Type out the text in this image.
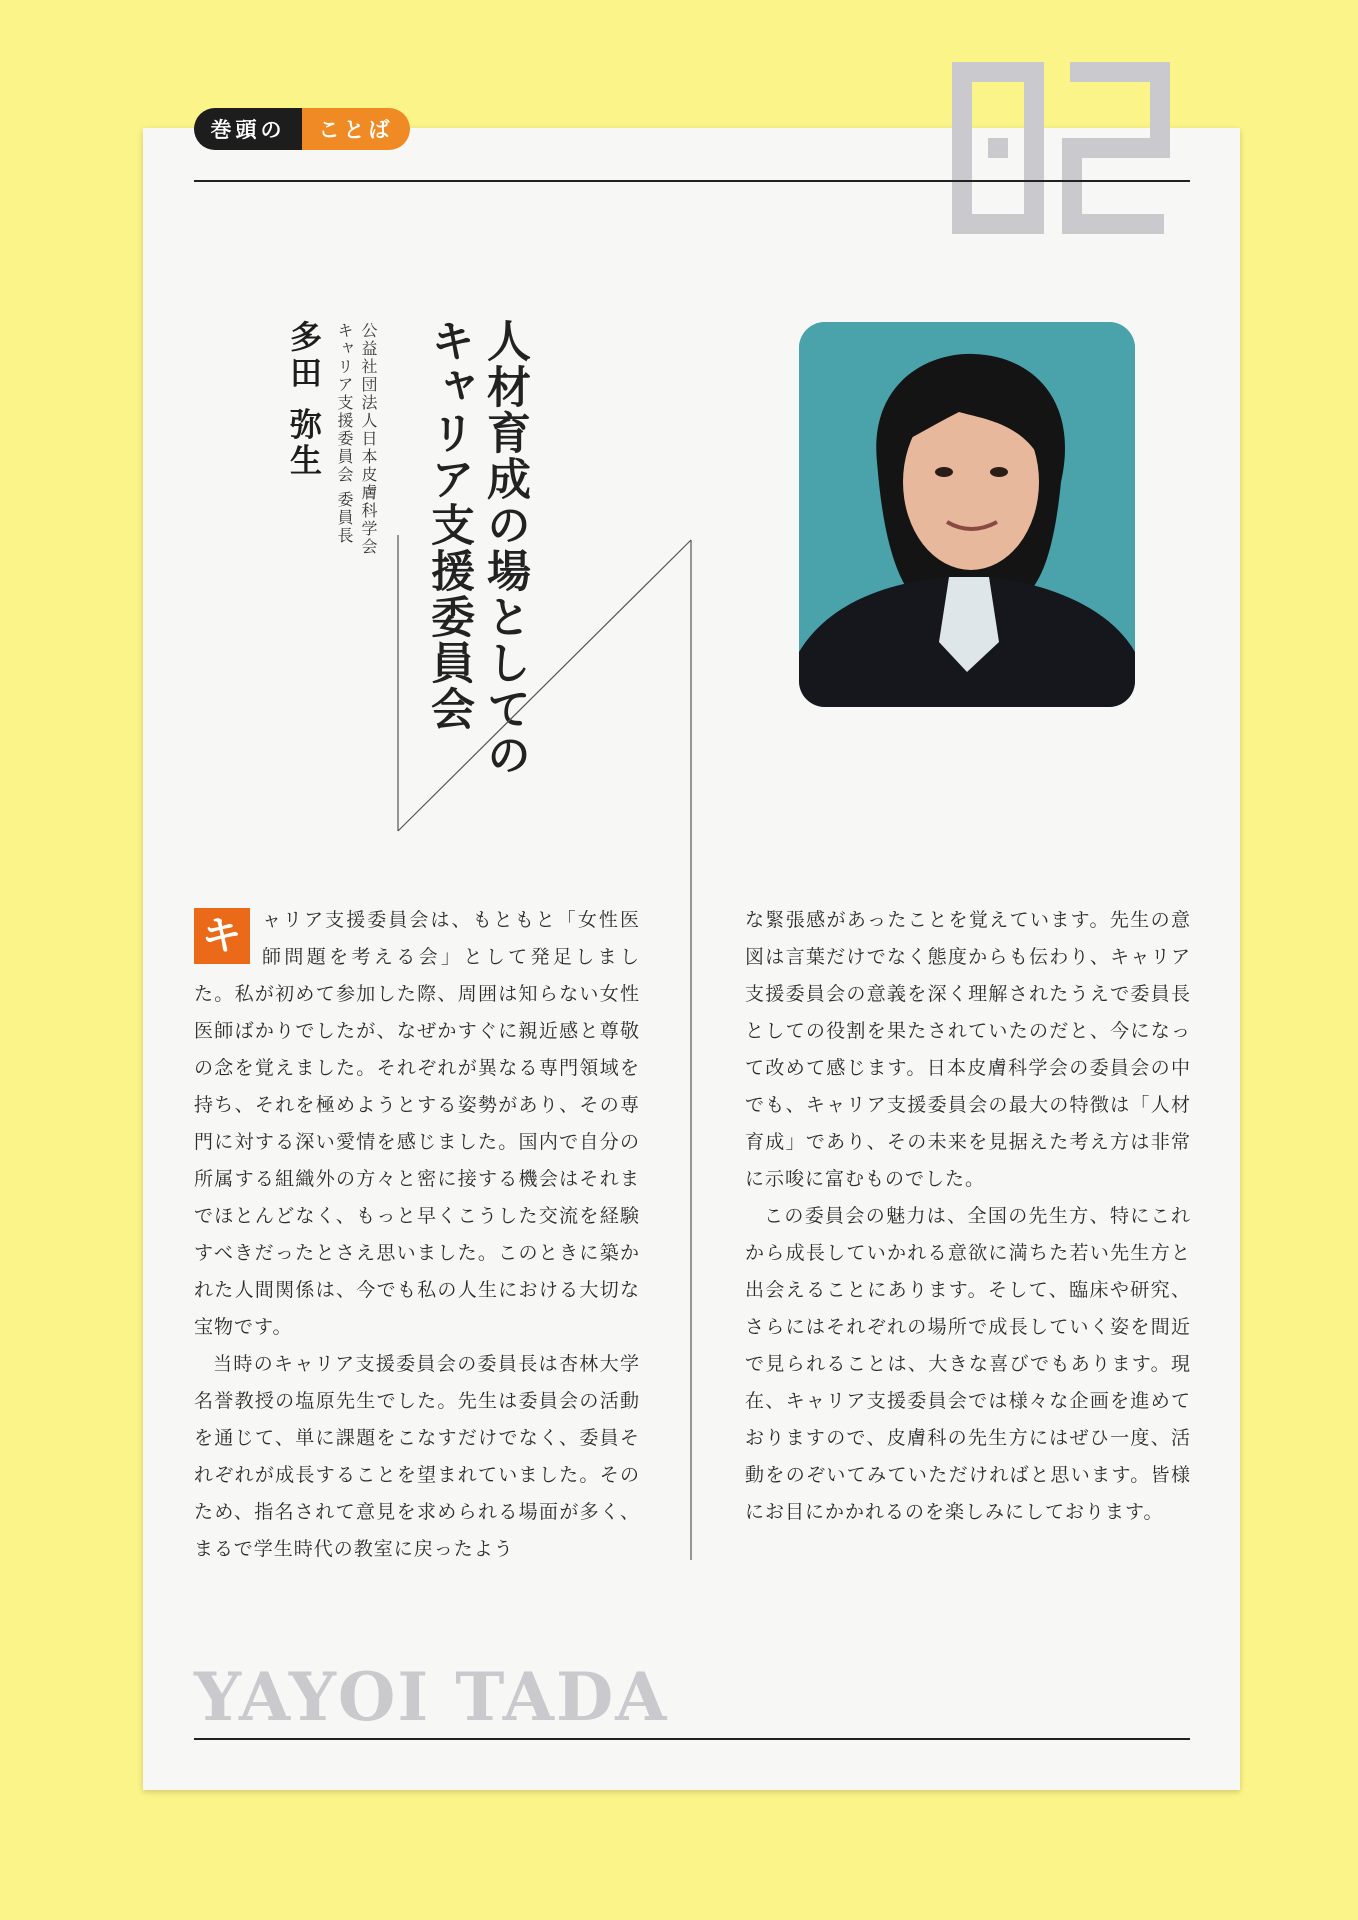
巻頭の	ことば
人材育成の場としての
キャリア支援委員会
公益社団法人日本皮膚科学会
キャリア支援委員会 委員長
多田 弥生

キ	ャリア支援委員会は、もともと「女性医師問題を考える会」として発足しました。私が初めて参加した際、周囲は知らない女性医師ばかりでしたが、なぜかすぐに親近感と尊敬の念を覚えました。それぞれが異なる専門領域を持ち、それを極めようとする姿勢があり、その専門に対する深い愛情を感じました。国内で自分の所属する組織外の方々と密に接する機会はそれまでほとんどなく、もっと早くこうした交流を経験すべきだったとさえ思いました。このときに築かれた人間関係は、今でも私の人生における大切な宝物です。

当時のキャリア支援委員会の委員長は杏林大学名誉教授の塩原先生でした。先生は委員会の活動を通じて、単に課題をこなすだけでなく、委員それぞれが成長することを望まれていました。そのため、指名されて意見を求められる場面が多く、まるで学生時代の教室に戻ったよう

な緊張感があったことを覚えています。先生の意図は言葉だけでなく態度からも伝わり、キャリア支援委員会の意義を深く理解されたうえで委員長としての役割を果たされていたのだと、今になって改めて感じます。日本皮膚科学会の委員会の中でも、キャリア支援委員会の最大の特徴は「人材育成」であり、その未来を見据えた考え方は非常に示唆に富むものでした。

この委員会の魅力は、全国の先生方、特にこれから成長していかれる意欲に満ちた若い先生方と出会えることにあります。そして、臨床や研究、さらにはそれぞれの場所で成長していく姿を間近で見られることは、大きな喜びでもあります。現在、キャリア支援委員会では様々な企画を進めておりますので、皮膚科の先生方にはぜひ一度、活動をのぞいてみていただければと思います。皆様にお目にかかれるのを楽しみにしております。

YAYOI TADA
